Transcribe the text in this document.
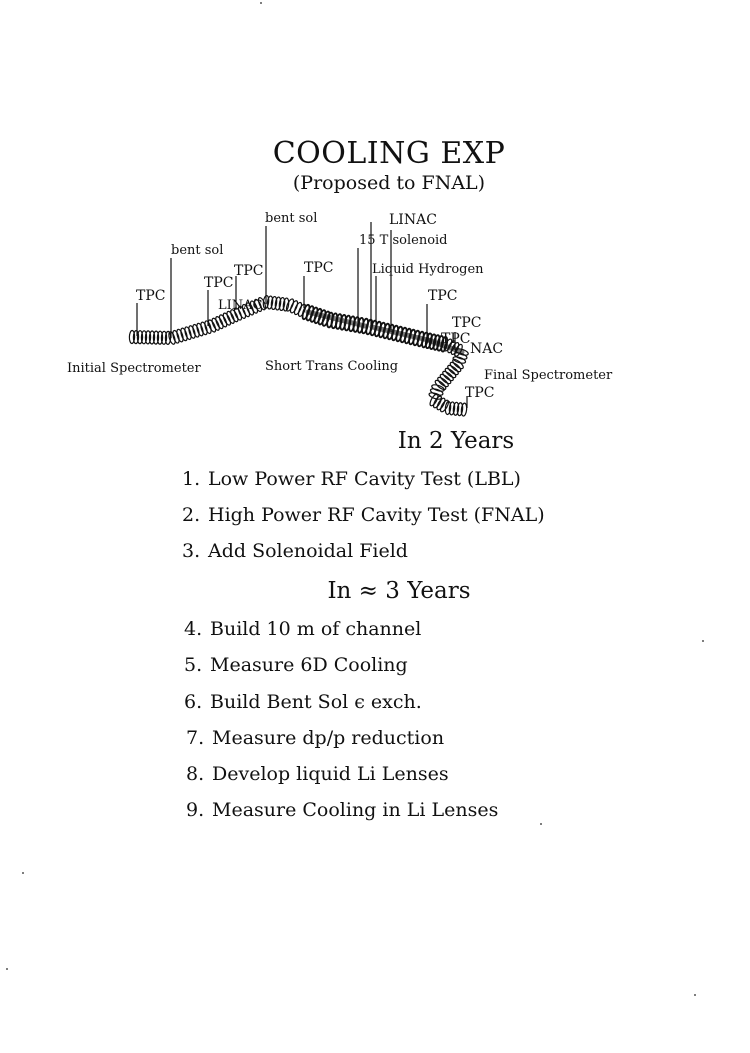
COOLING EXP
(Proposed to FNAL)
TPC
bent sol
TPC
TPC
LINAC
bent sol
TPC
LINAC
15 T solenoid
Liquid Hydrogen
TPC
TPC
TPC
NAC
Initial Spectrometer	Short Trans Cooling
Final Spectrometer
TPC
In 2 Years
1. Low Power RF Cavity Test (LBL)
2. High Power RF Cavity Test (FNAL)
3. Add Solenoidal Field
In ≈ 3 Years
4. Build 10 m of channel
5. Measure 6D Cooling
6. Build Bent Sol ϵ exch.
7. Measure dp/p reduction
8. Develop liquid Li Lenses
9. Measure Cooling in Li Lenses
